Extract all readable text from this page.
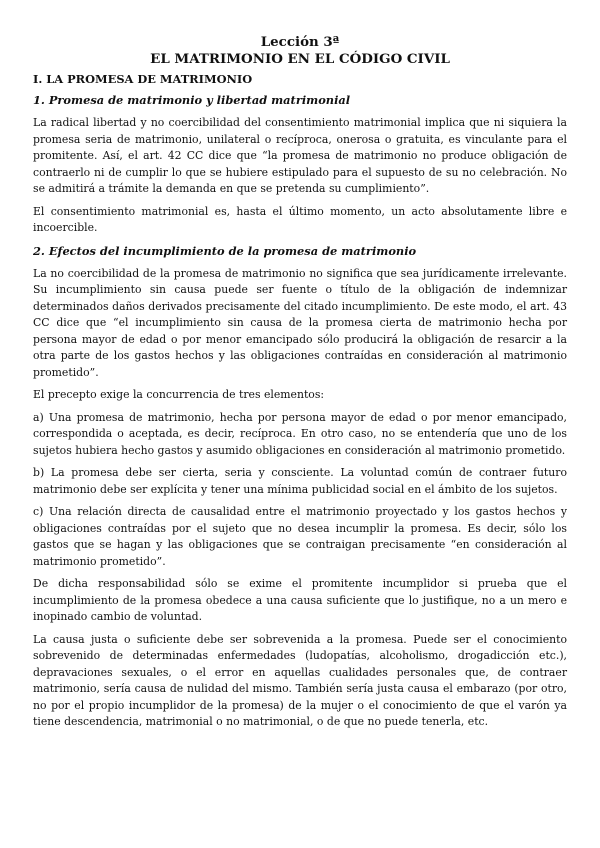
Lección 3ª
EL MATRIMONIO EN EL CÓDIGO CIVIL
I. LA PROMESA DE MATRIMONIO
1. Promesa de matrimonio y libertad matrimonial

La radical libertad y no coercibilidad del consentimiento matrimonial implica que ni siquiera la promesa seria de matrimonio, unilateral o recíproca, onerosa o gratuita, es vinculante para el promitente. Así, el art. 42 CC dice que “la promesa de matrimonio no produce obligación de contraerlo ni de cumplir lo que se hubiere estipulado para el supuesto de su no celebración. No se admitirá a trámite la demanda en que se pretenda su cumplimiento”.

El consentimiento matrimonial es, hasta el último momento, un acto absolutamente libre e incoercible.

2. Efectos del incumplimiento de la promesa de matrimonio

La no coercibilidad de la promesa de matrimonio no significa que sea jurídicamente irrelevante. Su incumplimiento sin causa puede ser fuente o título de la obligación de indemnizar determinados daños derivados precisamente del citado incumplimiento. De este modo, el art. 43 CC dice que “el incumplimiento sin causa de la promesa cierta de matrimonio hecha por persona mayor de edad o por menor emancipado sólo producirá la obligación de resarcir a la otra parte de los gastos hechos y las obligaciones contraídas en consideración al matrimonio prometido”.

El precepto exige la concurrencia de tres elementos:

a) Una promesa de matrimonio, hecha por persona mayor de edad o por menor emancipado, correspondida o aceptada, es decir, recíproca. En otro caso, no se entendería que uno de los sujetos hubiera hecho gastos y asumido obligaciones en consideración al matrimonio prometido.

b) La promesa debe ser cierta, seria y consciente. La voluntad común de contraer futuro matrimonio debe ser explícita y tener una mínima publicidad social en el ámbito de los sujetos.

c) Una relación directa de causalidad entre el matrimonio proyectado y los gastos hechos y obligaciones contraídas por el sujeto que no desea incumplir la promesa. Es decir, sólo los gastos que se hagan y las obligaciones que se contraigan precisamente “en consideración al matrimonio prometido”.

De dicha responsabilidad sólo se exime el promitente incumplidor si prueba que el incumplimiento de la promesa obedece a una causa suficiente que lo justifique, no a un mero e inopinado cambio de voluntad.

La causa justa o suficiente debe ser sobrevenida a la promesa. Puede ser el conocimiento sobrevenido de determinadas enfermedades (ludopatías, alcoholismo, drogadicción etc.), depravaciones sexuales, o el error en aquellas cualidades personales que, de contraer matrimonio, sería causa de nulidad del mismo. También sería justa causa el embarazo (por otro, no por el propio incumplidor de la promesa) de la mujer o el conocimiento de que el varón ya tiene descendencia, matrimonial o no matrimonial, o de que no puede tenerla, etc.
